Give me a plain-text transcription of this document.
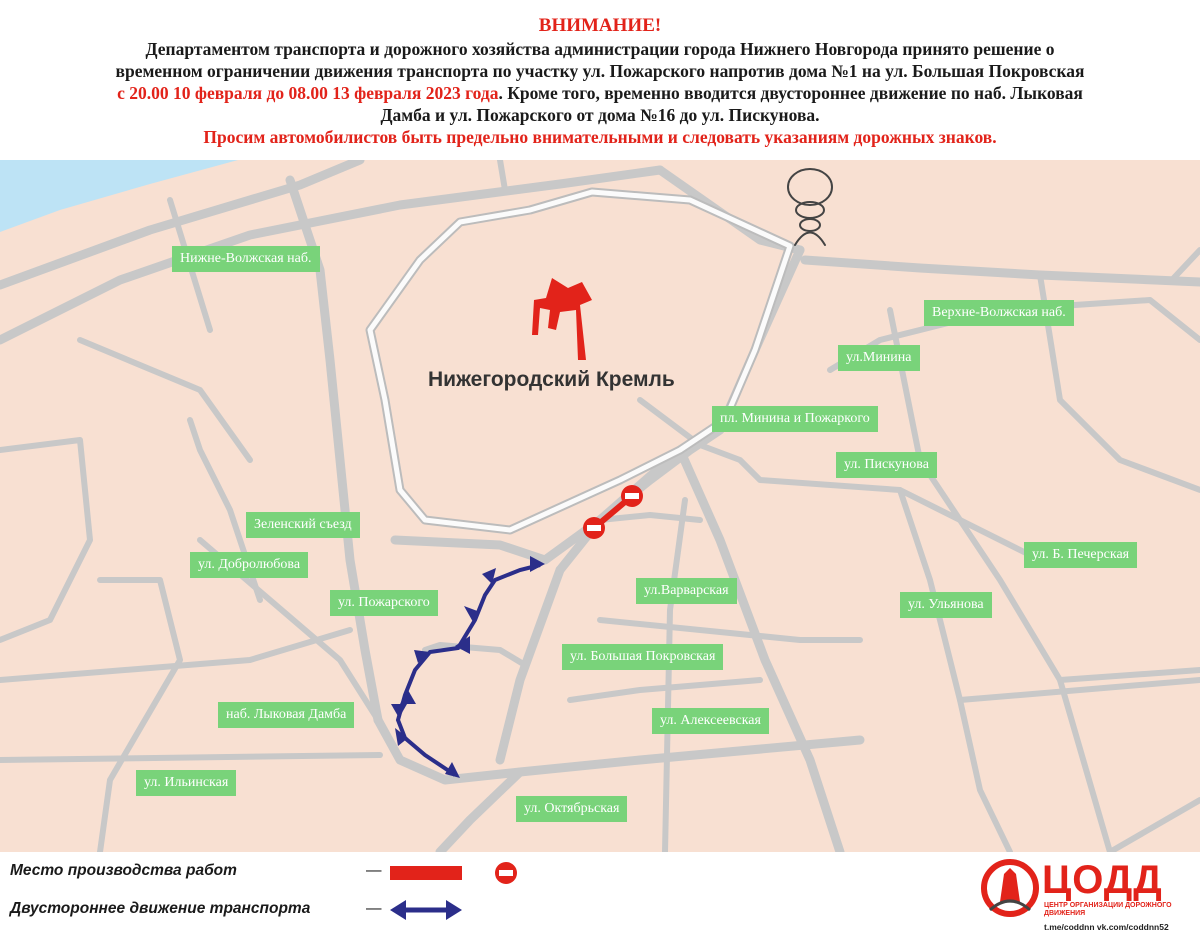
ВНИМАНИЕ!
Департаментом транспорта и дорожного хозяйства администрации города Нижнего Новгорода принято решение о
временном ограничении движения транспорта по участку ул. Пожарского напротив дома №1 на ул. Большая Покровская
с 20.00 10 февраля до 08.00 13 февраля 2023 года. Кроме того, временно вводится двустороннее движение по наб. Лыковая
Дамба и ул. Пожарского от дома №16 до ул. Пискунова.
Просим автомобилистов быть предельно внимательными и следовать указаниям дорожных знаков.
Нижегородский Кремль
Нижне-Волжская наб.
Верхне-Волжская наб.
ул.Минина
пл. Минина и Пожаркого
ул. Пискунова
Зеленский съезд
ул. Б. Печерская
ул. Добролюбова
ул. Ульянова
ул. Пожарского
ул.Варварская
ул. Большая Покровская
наб. Лыковая Дамба	ул. Алексеевская
ул. Ильинская
ул. Октябрьская
Место производства работ	—
Двустороннее движение транспорта	—
ЦОДД
ЦЕНТР ОРГАНИЗАЦИИ ДОРОЖНОГО ДВИЖЕНИЯ
t.me/coddnn vk.com/coddnn52
